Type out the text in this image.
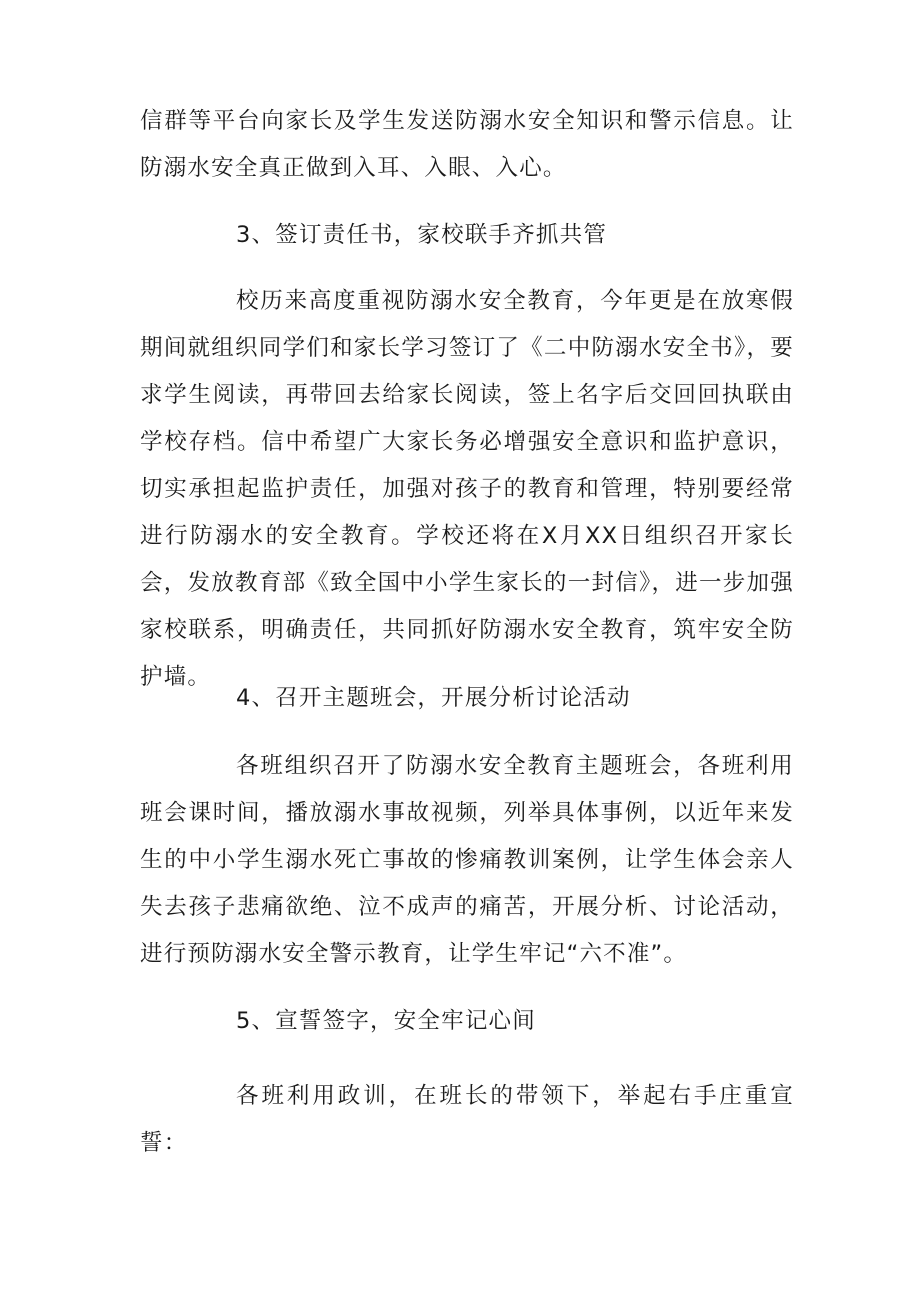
信群等平台向家长及学生发送防溺水安全知识和警示信息。让防溺水安全真正做到入耳、入眼、入心。

3、签订责任书，家校联手齐抓共管

校历来高度重视防溺水安全教育，今年更是在放寒假期间就组织同学们和家长学习签订了《二中防溺水安全书》，要求学生阅读，再带回去给家长阅读，签上名字后交回回执联由学校存档。信中希望广大家长务必增强安全意识和监护意识，切实承担起监护责任，加强对孩子的教育和管理，特别要经常进行防溺水的安全教育。学校还将在X月XX日组织召开家长会，发放教育部《致全国中小学生家长的一封信》，进一步加强家校联系，明确责任，共同抓好防溺水安全教育，筑牢安全防护墙。

4、召开主题班会，开展分析讨论活动

各班组织召开了防溺水安全教育主题班会，各班利用班会课时间，播放溺水事故视频，列举具体事例，以近年来发生的中小学生溺水死亡事故的惨痛教训案例，让学生体会亲人失去孩子悲痛欲绝、泣不成声的痛苦，开展分析、讨论活动，进行预防溺水安全警示教育，让学生牢记“六不准”。

5、宣誓签字，安全牢记心间

各班利用政训，在班长的带领下，举起右手庄重宣誓：
